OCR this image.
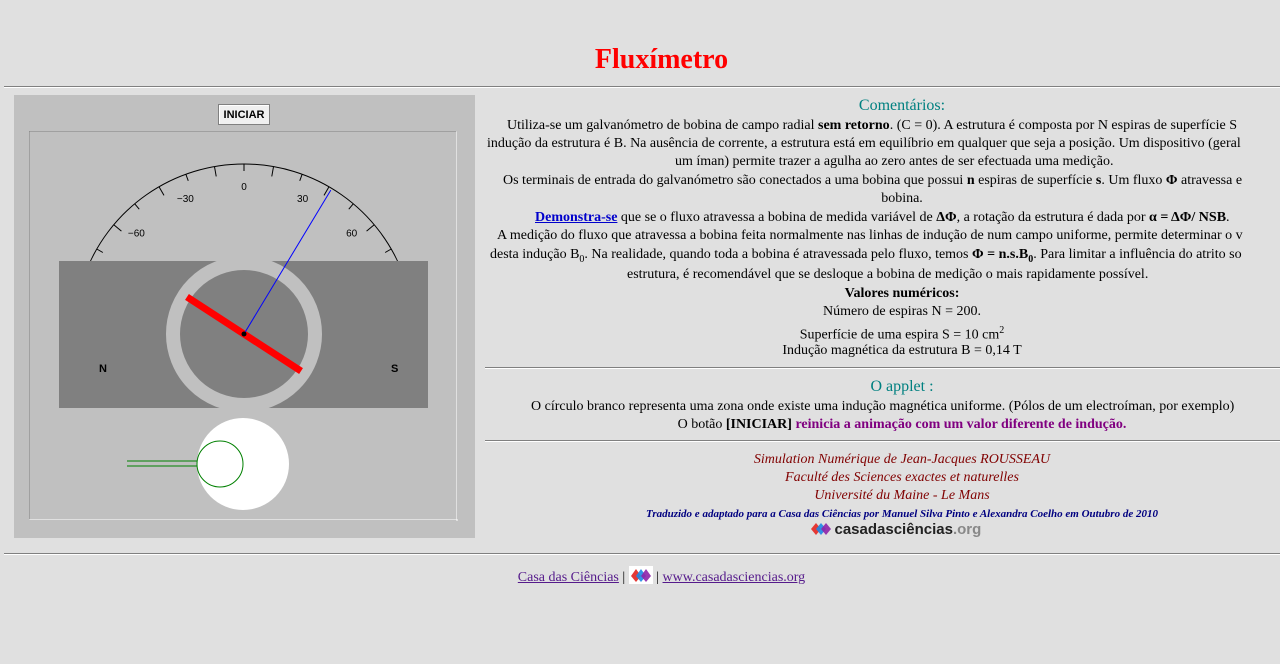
Fluxímetro
INICIAR
−60
−30
0
30
60
N	S
Comentários:
Utiliza-se um galvanómetro de bobina de campo radial sem retorno. (C = 0). A estrutura é composta por N espiras de superfície S
indução da estrutura é B. Na ausência de corrente, a estrutura está em equilíbrio em qualquer que seja a posição. Um dispositivo (geral
um íman) permite trazer a agulha ao zero antes de ser efectuada uma medição.
Os terminais de entrada do galvanómetro são conectados a uma bobina que possui n espiras de superfície s. Um fluxo Φ atravessa e
bobina.
Demonstra-se que se o fluxo atravessa a bobina de medida variável de ΔΦ, a rotação da estrutura é dada por α = ΔΦ/ NSB.
A medição do fluxo que atravessa a bobina feita normalmente nas linhas de indução de num campo uniforme, permite determinar o v
desta indução $B_0$. Na realidade, quando toda a bobina é atravessada pelo fluxo, temos $\Phi = n.s.B_0$. Para limitar a influência do atrito so
estrutura, é recomendável que se desloque a bobina de medição o mais rapidamente possível.
Valores numéricos:
Número de espiras N = 200.
Superfície de uma espira S = 10 $cm^2$
Indução magnética da estrutura B = 0,14 T
O applet :
O círculo branco representa uma zona onde existe uma indução magnética uniforme. (Pólos de um electroíman, por exemplo)
O botão [INICIAR] reinicia a animação com um valor diferente de indução.
Simulation Numérique de Jean-Jacques ROUSSEAU
Faculté des Sciences exactes et naturelles
Université du Maine - Le Mans
Traduzido e adaptado para a Casa das Ciências por Manuel Silva Pinto e Alexandra Coelho em Outubro de 2010
casadasciências.org
Casa das Ciências | | www.casadasciencias.org
